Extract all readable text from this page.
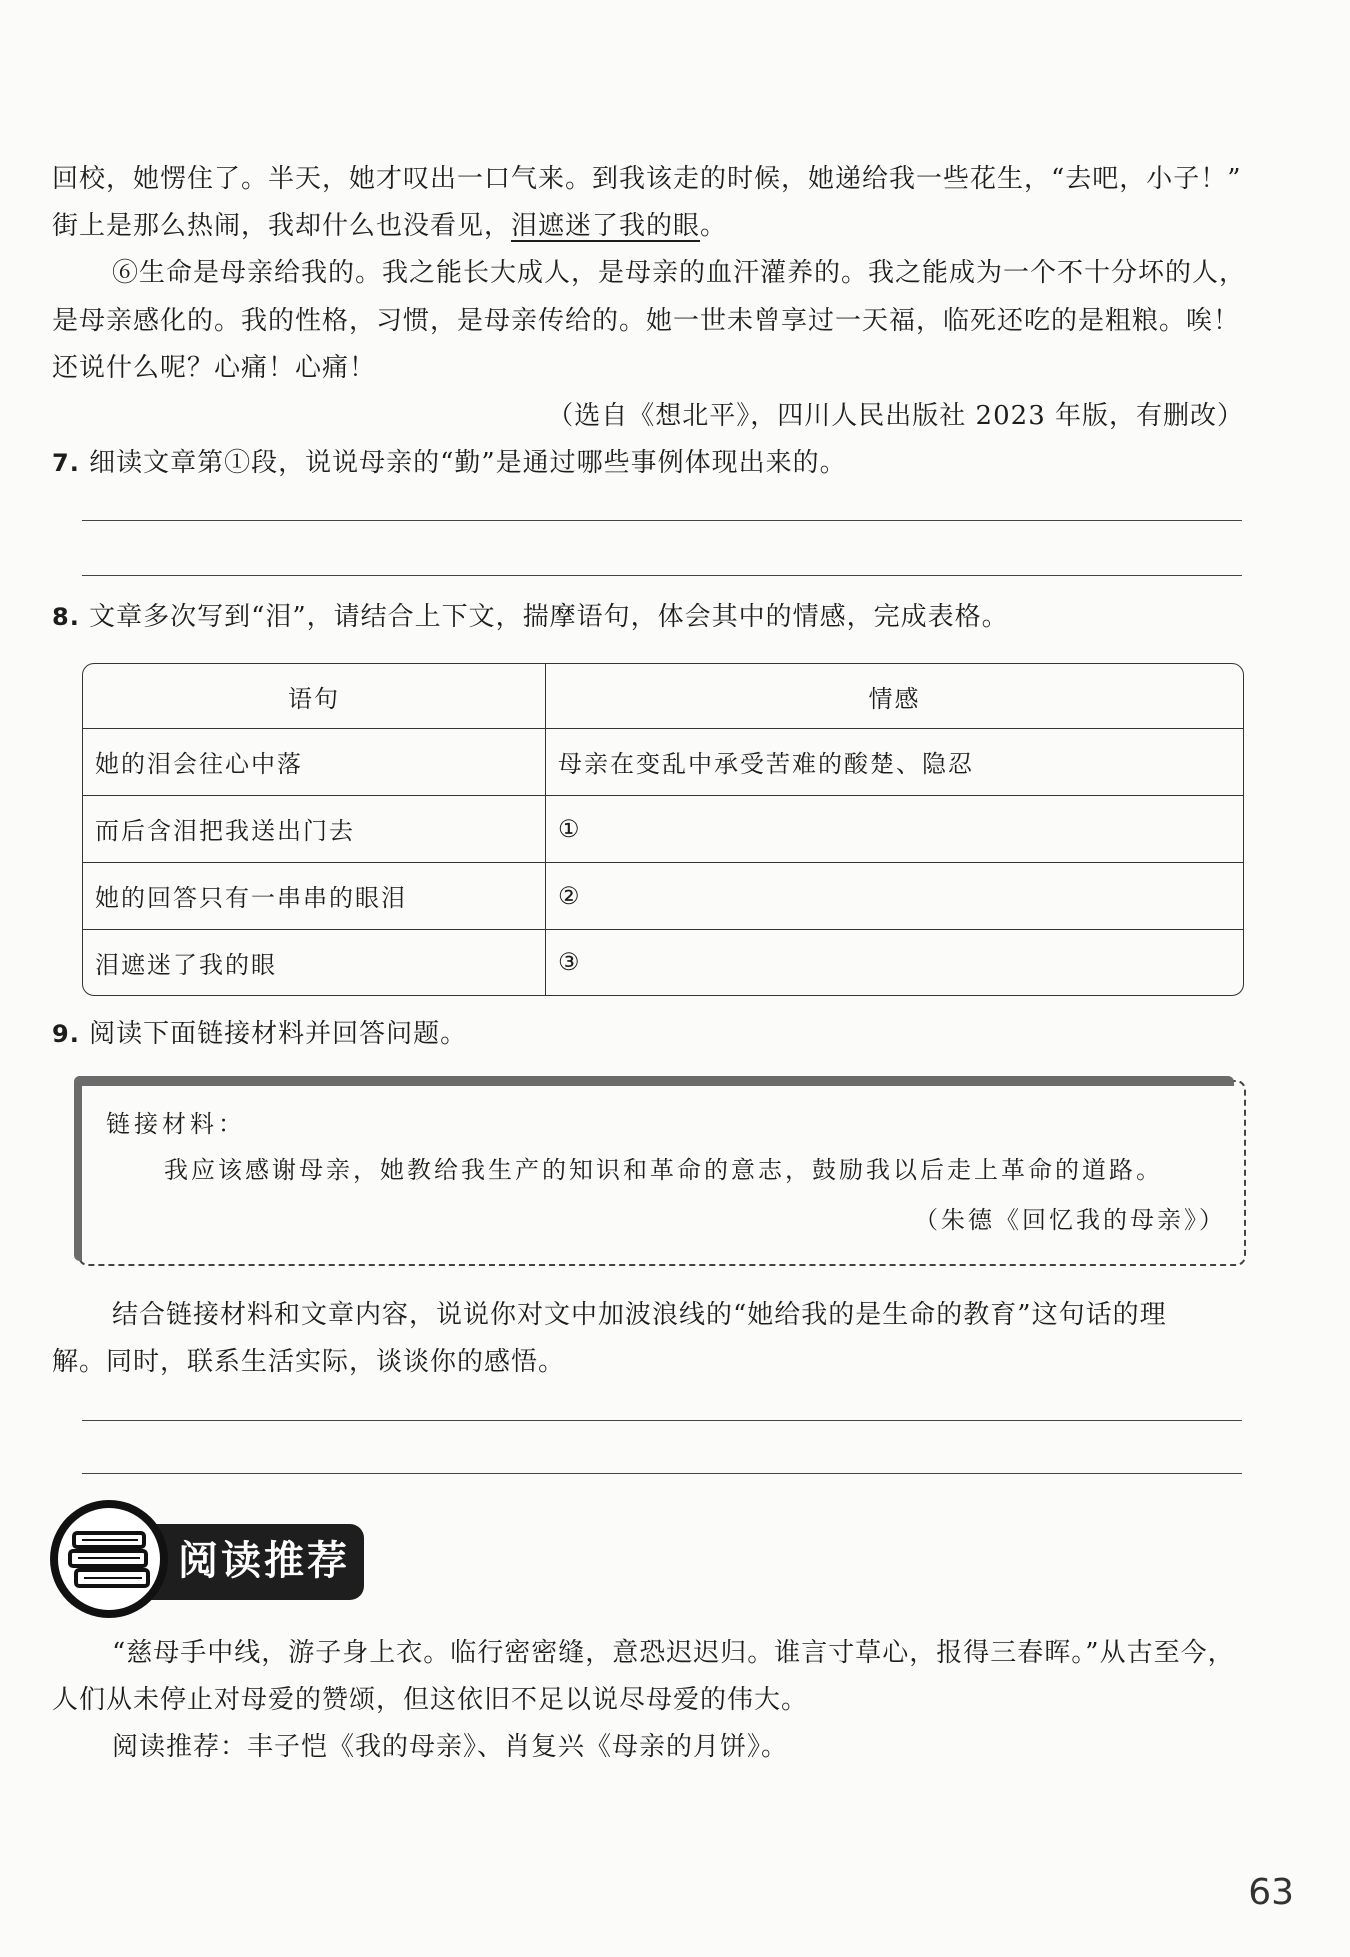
回校，她愣住了。半天，她才叹出一口气来。到我该走的时候，她递给我一些花生，“去吧，小子！”
街上是那么热闹，我却什么也没看见，泪遮迷了我的眼。
⑥生命是母亲给我的。我之能长大成人，是母亲的血汗灌养的。我之能成为一个不十分坏的人，
是母亲感化的。我的性格，习惯，是母亲传给的。她一世未曾享过一天福，临死还吃的是粗粮。唉！
还说什么呢？心痛！心痛！
（选自《想北平》，四川人民出版社 2023 年版，有删改）
7. 细读文章第①段，说说母亲的“勤”是通过哪些事例体现出来的。
8. 文章多次写到“泪”，请结合上下文，揣摩语句，体会其中的情感，完成表格。
语句	情感
她的泪会往心中落	母亲在变乱中承受苦难的酸楚、隐忍
而后含泪把我送出门去	①
她的回答只有一串串的眼泪	②
泪遮迷了我的眼	③
9. 阅读下面链接材料并回答问题。
链接材料：
我应该感谢母亲，她教给我生产的知识和革命的意志，鼓励我以后走上革命的道路。
（朱德《回忆我的母亲》）
结合链接材料和文章内容，说说你对文中加波浪线的“她给我的是生命的教育”这句话的理
解。同时，联系生活实际，谈谈你的感悟。
阅读推荐
“慈母手中线，游子身上衣。临行密密缝，意恐迟迟归。谁言寸草心，报得三春晖。”从古至今，
人们从未停止对母爱的赞颂，但这依旧不足以说尽母爱的伟大。
阅读推荐：丰子恺《我的母亲》、肖复兴《母亲的月饼》。
63
